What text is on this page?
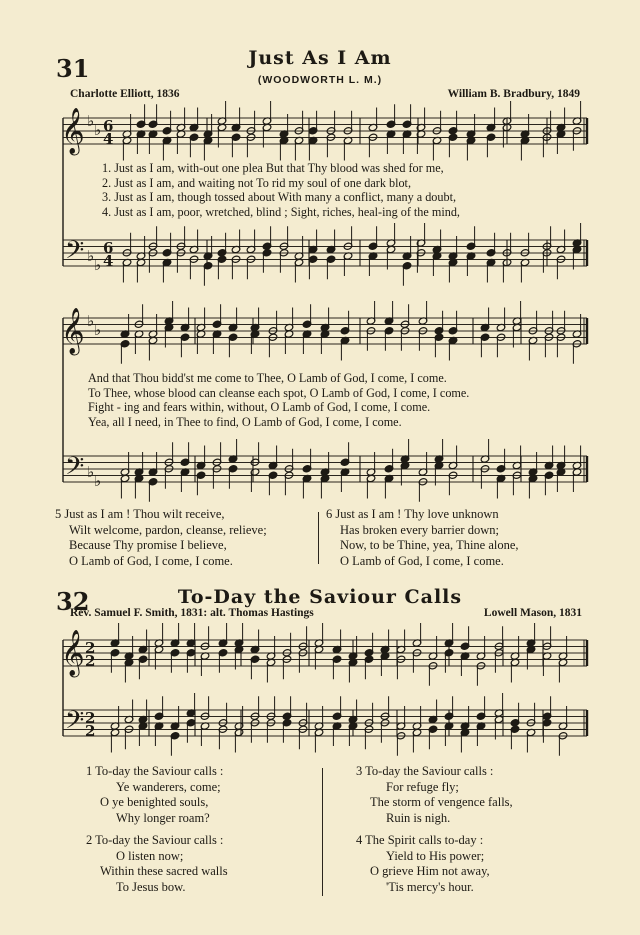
31	Just As I Am
(WOODWORTH L. M.)
Charlotte Elliott, 1836	William B. Bradbury, 1849
𝄞
𝄢
♭ ♭
♭ ♭
6
4
6
4
1. Just as I am, with-out one plea But that Thy blood was shed for me,
2. Just as I am, and waiting not To rid my soul of one dark blot,
3. Just as I am, though tossed about With many a conflict, many a doubt,
4. Just as I am, poor, wretched, blind ; Sight, riches, heal-ing of the mind,
𝄞
𝄢
♭ ♭
♭ ♭
And that Thou bidd'st me come to Thee, O Lamb of God, I come, I come.
To Thee, whose blood can cleanse each spot, O Lamb of God, I come, I come.
Fight - ing and fears within, without, O Lamb of God, I come, I come.
Yea, all I need, in Thee to find, O Lamb of God, I come, I come.
5 Just as I am ! Thou wilt receive,
Wilt welcome, pardon, cleanse, relieve;
Because Thy promise I believe,
O Lamb of God, I come, I come.
6 Just as I am ! Thy love unknown
Has broken every barrier down;
Now, to be Thine, yea, Thine alone,
O Lamb of God, I come, I come.
32	To-Day the Saviour Calls
Rev. Samuel F. Smith, 1831: alt. Thomas Hastings	Lowell Mason, 1831
𝄞
𝄢
2
2
2
2
1 To-day the Saviour calls :
Ye wanderers, come;
O ye benighted souls,
Why longer roam?
2 To-day the Saviour calls :
O listen now;
Within these sacred walls
To Jesus bow.
3 To-day the Saviour calls :
For refuge fly;
The storm of vengence falls,
Ruin is nigh.
4 The Spirit calls to-day :
Yield to His power;
O grieve Him not away,
'Tis mercy's hour.
